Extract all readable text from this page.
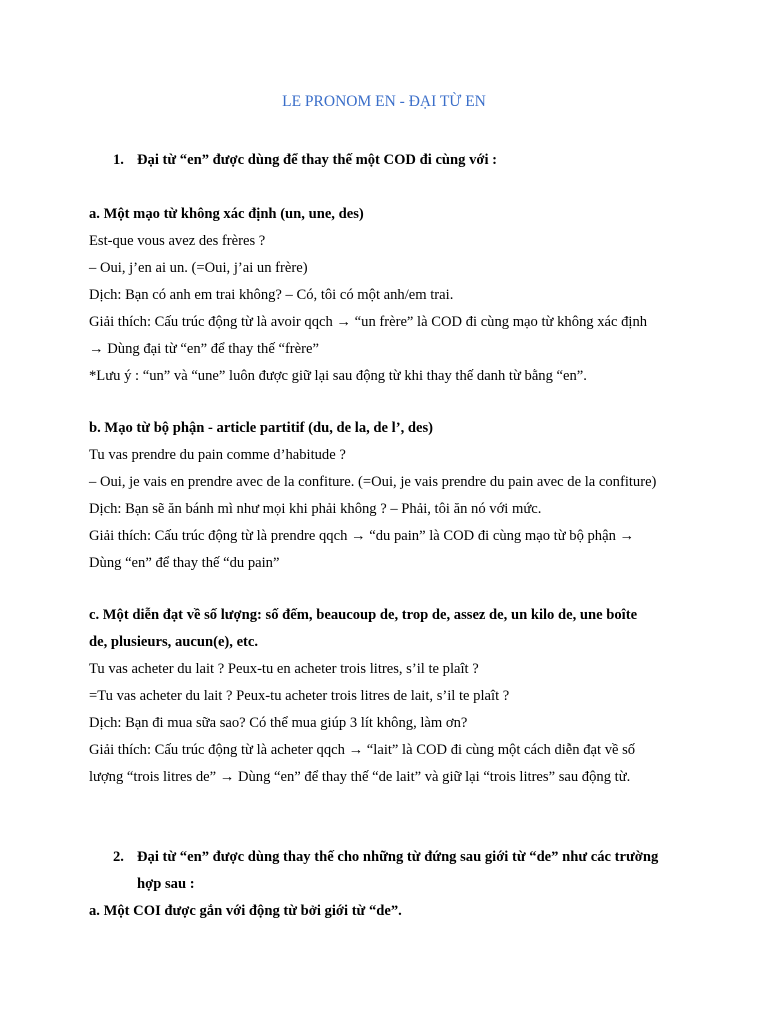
LE PRONOM EN - ĐẠI TỪ EN
1. Đại từ “en” được dùng để thay thế một COD đi cùng với :
a. Một mạo từ không xác định (un, une, des)
Est-que vous avez des frères ?
– Oui, j’en ai un. (=Oui, j’ai un frère)
Dịch: Bạn có anh em trai không? – Có, tôi có một anh/em trai.
Giải thích: Cấu trúc động từ là avoir qqch → “un frère” là COD đi cùng mạo từ không xác định
→ Dùng đại từ “en” để thay thế “frère”
*Lưu ý : “un” và “une” luôn được giữ lại sau động từ khi thay thế danh từ bằng “en”.
b. Mạo từ bộ phận - article partitif (du, de la, de l’, des)
Tu vas prendre du pain comme d’habitude ?
– Oui, je vais en prendre avec de la confiture. (=Oui, je vais prendre du pain avec de la confiture)
Dịch: Bạn sẽ ăn bánh mì như mọi khi phải không ? – Phải, tôi ăn nó với mức.
Giải thích: Cấu trúc động từ là prendre qqch → “du pain” là COD đi cùng mạo từ bộ phận →
Dùng “en” để thay thế “du pain”
c. Một diễn đạt về số lượng: số đếm, beaucoup de, trop de, assez de, un kilo de, une boîte
de, plusieurs, aucun(e), etc.
Tu vas acheter du lait ? Peux-tu en acheter trois litres, s’il te plaît ?
=Tu vas acheter du lait ? Peux-tu acheter trois litres de lait, s’il te plaît ?
Dịch: Bạn đi mua sữa sao? Có thể mua giúp 3 lít không, làm ơn?
Giải thích: Cấu trúc động từ là acheter qqch → “lait” là COD đi cùng một cách diễn đạt về số
lượng “trois litres de” → Dùng “en” để thay thế “de lait” và giữ lại “trois litres” sau động từ.
2. Đại từ “en” được dùng thay thế cho những từ đứng sau giới từ “de” như các trường
hợp sau :
a. Một COI được gắn với động từ bởi giới từ “de”.
